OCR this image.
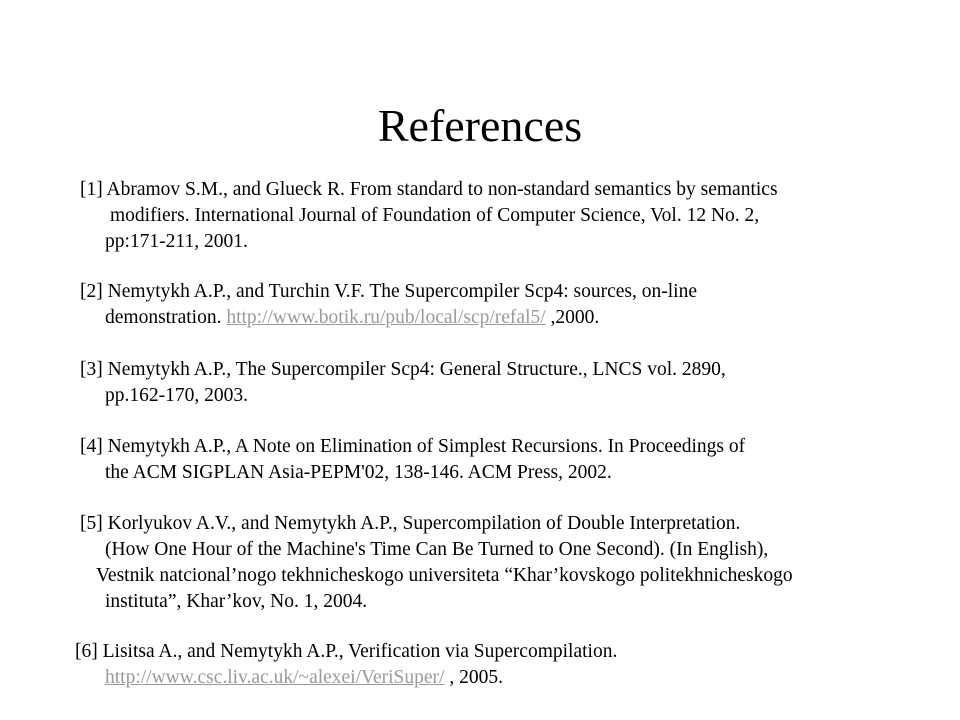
References
[1] Abramov S.M., and Glueck R. From standard to non-standard semantics by semantics
modifiers. International Journal of Foundation of Computer Science, Vol. 12 No. 2,
pp:171-211, 2001.
[2] Nemytykh A.P., and Turchin V.F. The Supercompiler Scp4: sources, on-line
demonstration. http://www.botik.ru/pub/local/scp/refal5/ ,2000.
[3] Nemytykh A.P., The Supercompiler Scp4: General Structure., LNCS vol. 2890,
pp.162-170, 2003.
[4] Nemytykh A.P., A Note on Elimination of Simplest Recursions. In Proceedings of
the ACM SIGPLAN Asia-PEPM'02, 138-146. ACM Press, 2002.
[5] Korlyukov A.V., and Nemytykh A.P., Supercompilation of Double Interpretation.
(How One Hour of the Machine's Time Can Be Turned to One Second). (In English),
Vestnik natcional’nogo tekhnicheskogo universiteta “Khar’kovskogo politekhnicheskogo
instituta”, Khar’kov, No. 1, 2004.
[6] Lisitsa A., and Nemytykh A.P., Verification via Supercompilation.
http://www.csc.liv.ac.uk/~alexei/VeriSuper/ , 2005.
